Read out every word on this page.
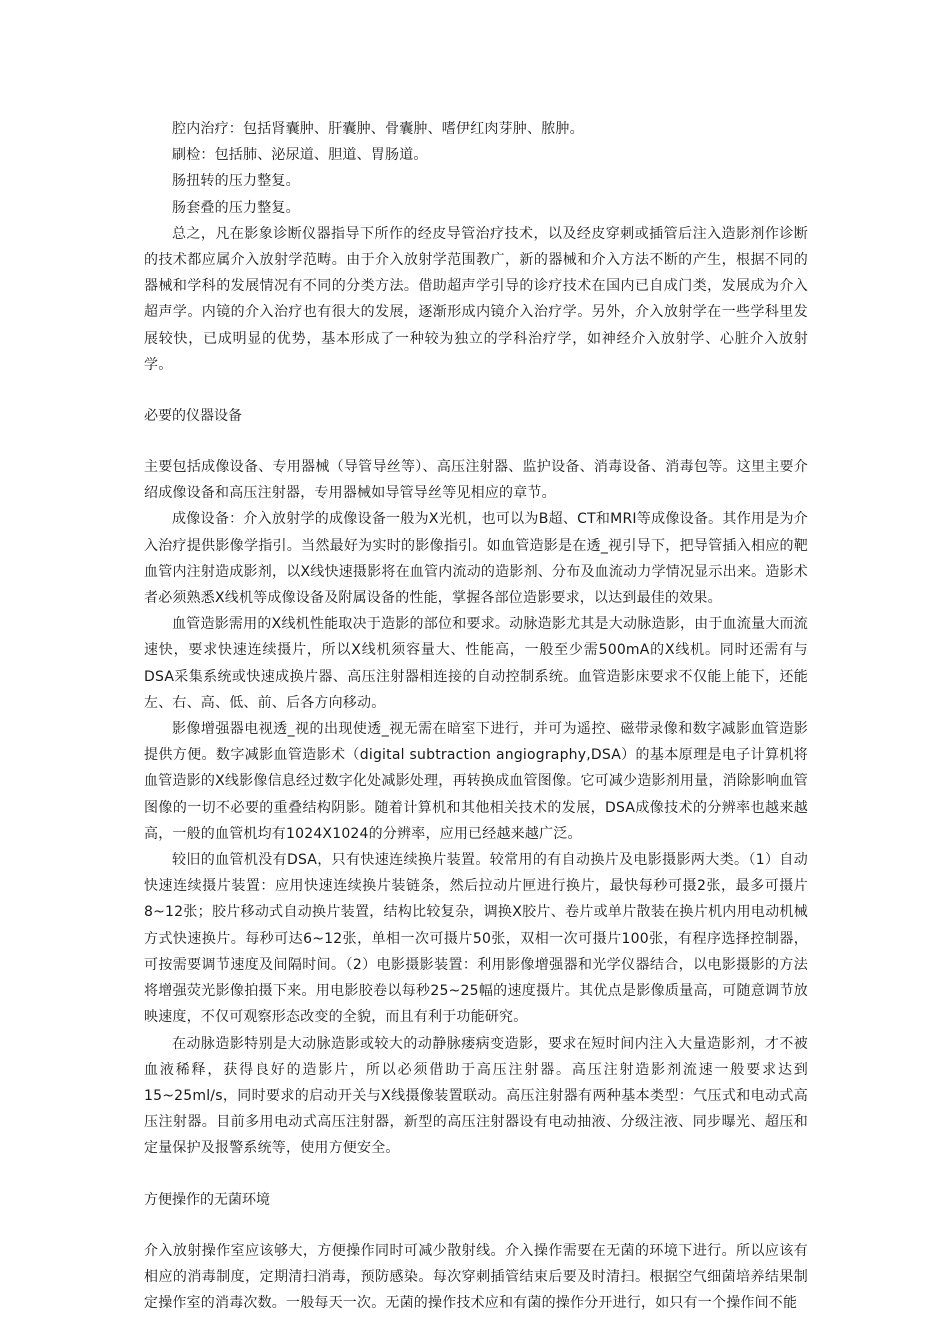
腔内治疗：包括肾囊肿、肝囊肿、骨囊肿、嗜伊红肉芽肿、脓肿。

刷检：包括肺、泌尿道、胆道、胃肠道。

肠扭转的压力整复。

肠套叠的压力整复。

总之，凡在影象诊断仪器指导下所作的经皮导管治疗技术，以及经皮穿刺或插管后注入造影剂作诊断的技术都应属介入放射学范畴。由于介入放射学范围教广，新的器械和介入方法不断的产生，根据不同的器械和学科的发展情况有不同的分类方法。借助超声学引导的诊疗技术在国内已自成门类，发展成为介入超声学。内镜的介入治疗也有很大的发展，逐渐形成内镜介入治疗学。另外，介入放射学在一些学科里发展较快，已成明显的优势，基本形成了一种较为独立的学科治疗学，如神经介入放射学、心脏介入放射学。

必要的仪器设备

主要包括成像设备、专用器械（导管导丝等）、高压注射器、监护设备、消毒设备、消毒包等。这里主要介绍成像设备和高压注射器，专用器械如导管导丝等见相应的章节。

成像设备：介入放射学的成像设备一般为X光机，也可以为B超、CT和MRI等成像设备。其作用是为介入治疗提供影像学指引。当然最好为实时的影像指引。如血管造影是在透_视引导下，把导管插入相应的靶血管内注射造成影剂，以X线快速摄影将在血管内流动的造影剂、分布及血流动力学情况显示出来。造影术者必须熟悉X线机等成像设备及附属设备的性能，掌握各部位造影要求，以达到最佳的效果。

血管造影需用的X线机性能取决于造影的部位和要求。动脉造影尤其是大动脉造影，由于血流量大而流速快，要求快速连续摄片，所以X线机须容量大、性能高，一般至少需500mA的X线机。同时还需有与DSA采集系统或快速成换片器、高压注射器相连接的自动控制系统。血管造影床要求不仅能上能下，还能左、右、高、低、前、后各方向移动。

影像增强器电视透_视的出现使透_视无需在暗室下进行，并可为遥控、磁带录像和数字减影血管造影提供方便。数字减影血管造影术（digital subtraction angiography,DSA）的基本原理是电子计算机将血管造影的X线影像信息经过数字化处减影处理，再转换成血管图像。它可减少造影剂用量，消除影响血管图像的一切不必要的重叠结构阴影。随着计算机和其他相关技术的发展，DSA成像技术的分辨率也越来越高，一般的血管机均有1024X1024的分辨率，应用已经越来越广泛。

较旧的血管机没有DSA，只有快速连续换片装置。较常用的有自动换片及电影摄影两大类。（1）自动快速连续摄片装置：应用快速连续换片装链条，然后拉动片匣进行换片，最快每秒可摄2张，最多可摄片8~12张；胶片移动式自动换片装置，结构比较复杂，调换X胶片、卷片或单片散装在换片机内用电动机械方式快速换片。每秒可达6~12张，单相一次可摄片50张，双相一次可摄片100张，有程序选择控制器，可按需要调节速度及间隔时间。（2）电影摄影装置：利用影像增强器和光学仪器结合，以电影摄影的方法将增强荧光影像拍摄下来。用电影胶卷以每秒25~25幅的速度摄片。其优点是影像质量高，可随意调节放映速度，不仅可观察形态改变的全貌，而且有利于功能研究。

在动脉造影特别是大动脉造影或较大的动静脉瘘病变造影，要求在短时间内注入大量造影剂，才不被血液稀释，获得良好的造影片，所以必须借助于高压注射器。高压注射造影剂流速一般要求达到15~25ml/s，同时要求的启动开关与X线摄像装置联动。高压注射器有两种基本类型：气压式和电动式高压注射器。目前多用电动式高压注射器，新型的高压注射器设有电动抽液、分级注液、同步曝光、超压和定量保护及报警系统等，使用方便安全。

方便操作的无菌环境

介入放射操作室应该够大，方便操作同时可减少散射线。介入操作需要在无菌的环境下进行。所以应该有相应的消毒制度，定期清扫消毒，预防感染。每次穿刺插管结束后要及时清扫。根据空气细菌培养结果制定操作室的消毒次数。一般每天一次。无菌的操作技术应和有菌的操作分开进行，如只有一个操作间不能
